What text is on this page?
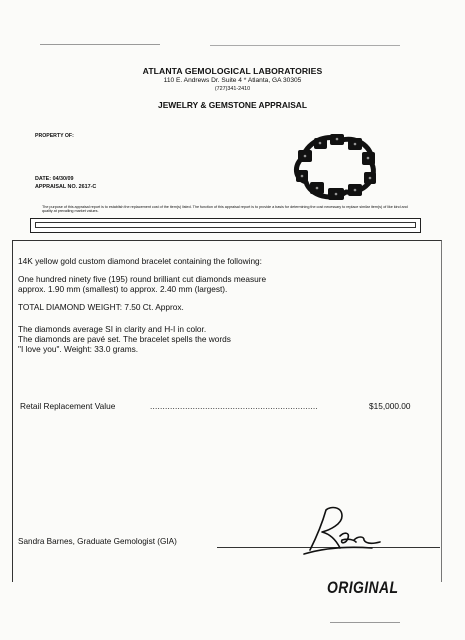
ATLANTA GEMOLOGICAL LABORATORIES
110 E. Andrews Dr. Suite 4 * Atlanta, GA 30305
(727)341-2410
JEWELRY & GEMSTONE APPRAISAL
PROPERTY OF:
DATE: 04/30/09
APPRAISAL NO. 2617-C
The purpose of this appraisal report is to establish the replacement cost of the item(s) listed. The function of this appraisal report is to provide a basis for determining the cost necessary to replace similar item(s) of like kind and quality at prevailing market values.
14K yellow gold custom diamond bracelet containing the following:
One hundred ninety five (195) round brilliant cut diamonds measure
approx. 1.90 mm (smallest) to approx. 2.40 mm (largest).
TOTAL DIAMOND WEIGHT: 7.50 Ct. Approx.
The diamonds average SI in clarity and H-I in color.
The diamonds are pavé set. The bracelet spells the words
"I love you". Weight: 33.0 grams.
Retail Replacement Value	...................................................................	$15,000.00
Sandra Barnes, Graduate Gemologist (GIA)
ORIGINAL
